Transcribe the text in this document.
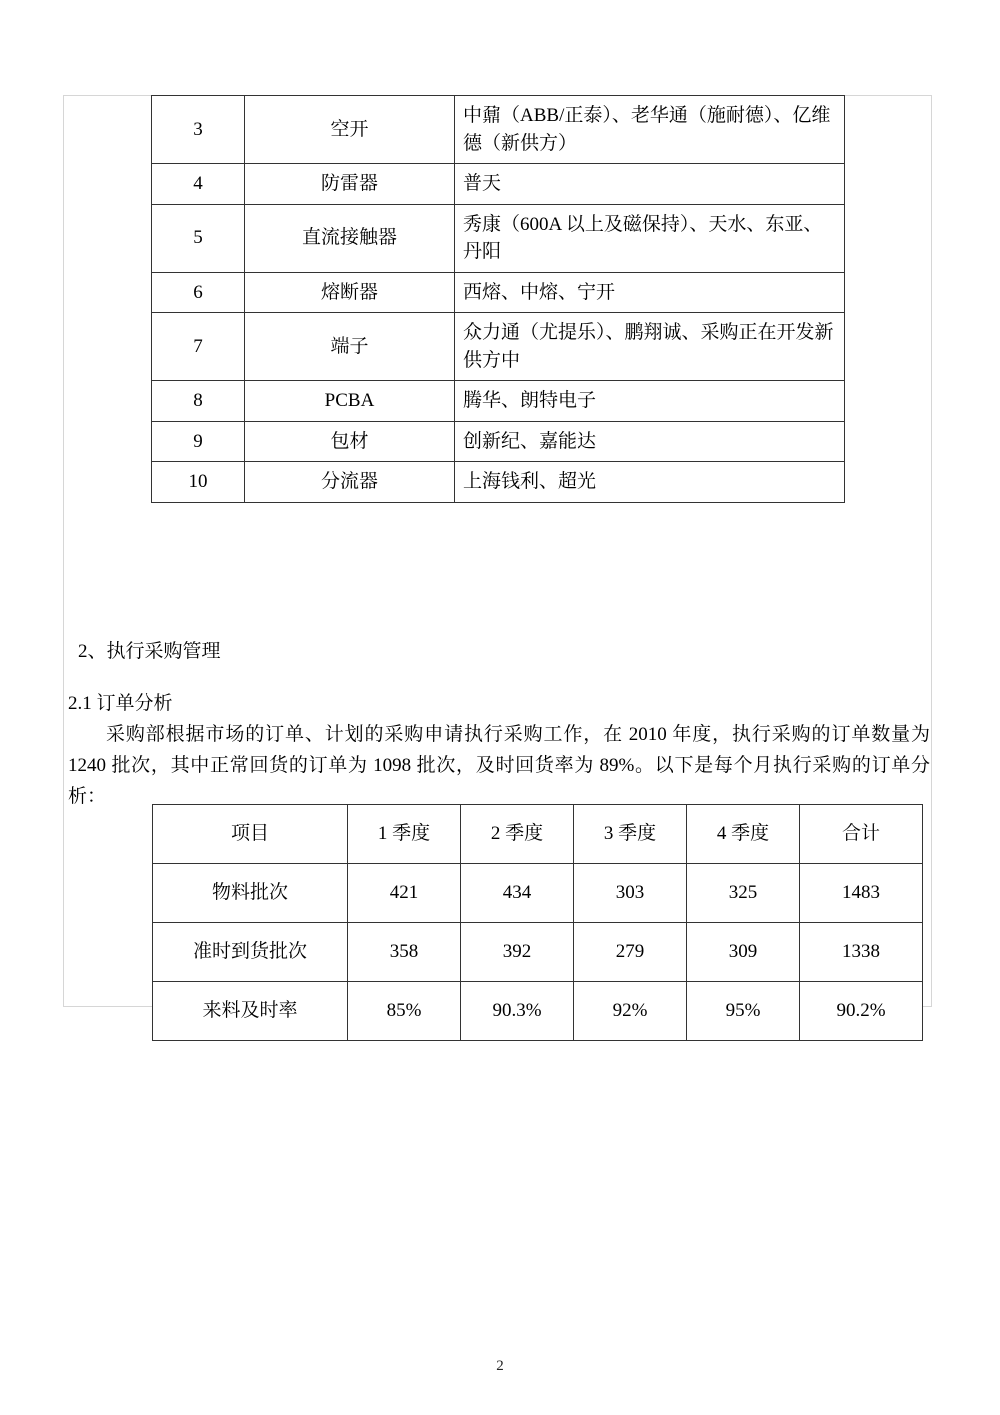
3	空开	中鼐（ABB/正泰）、老华通（施耐德）、亿维德（新供方）
4	防雷器	普天
5	直流接触器	秀康（600A 以上及磁保持）、天水、东亚、丹阳
6	熔断器	西熔、中熔、宁开
7	端子	众力通（尤提乐）、鹏翔诚、采购正在开发新供方中
8	PCBA	腾华、朗特电子
9	包材	创新纪、嘉能达
10	分流器	上海钱利、超光
2、执行采购管理
2.1 订单分析
采购部根据市场的订单、计划的采购申请执行采购工作，在 2010 年度，执行采购的订单数量为 1240 批次，其中正常回货的订单为 1098 批次，及时回货率为 89%。以下是每个月执行采购的订单分析：
项目	1 季度	2 季度	3 季度	4 季度	合计
物料批次	421	434	303	325	1483
准时到货批次	358	392	279	309	1338
来料及时率	85%	90.3%	92%	95%	90.2%
2
